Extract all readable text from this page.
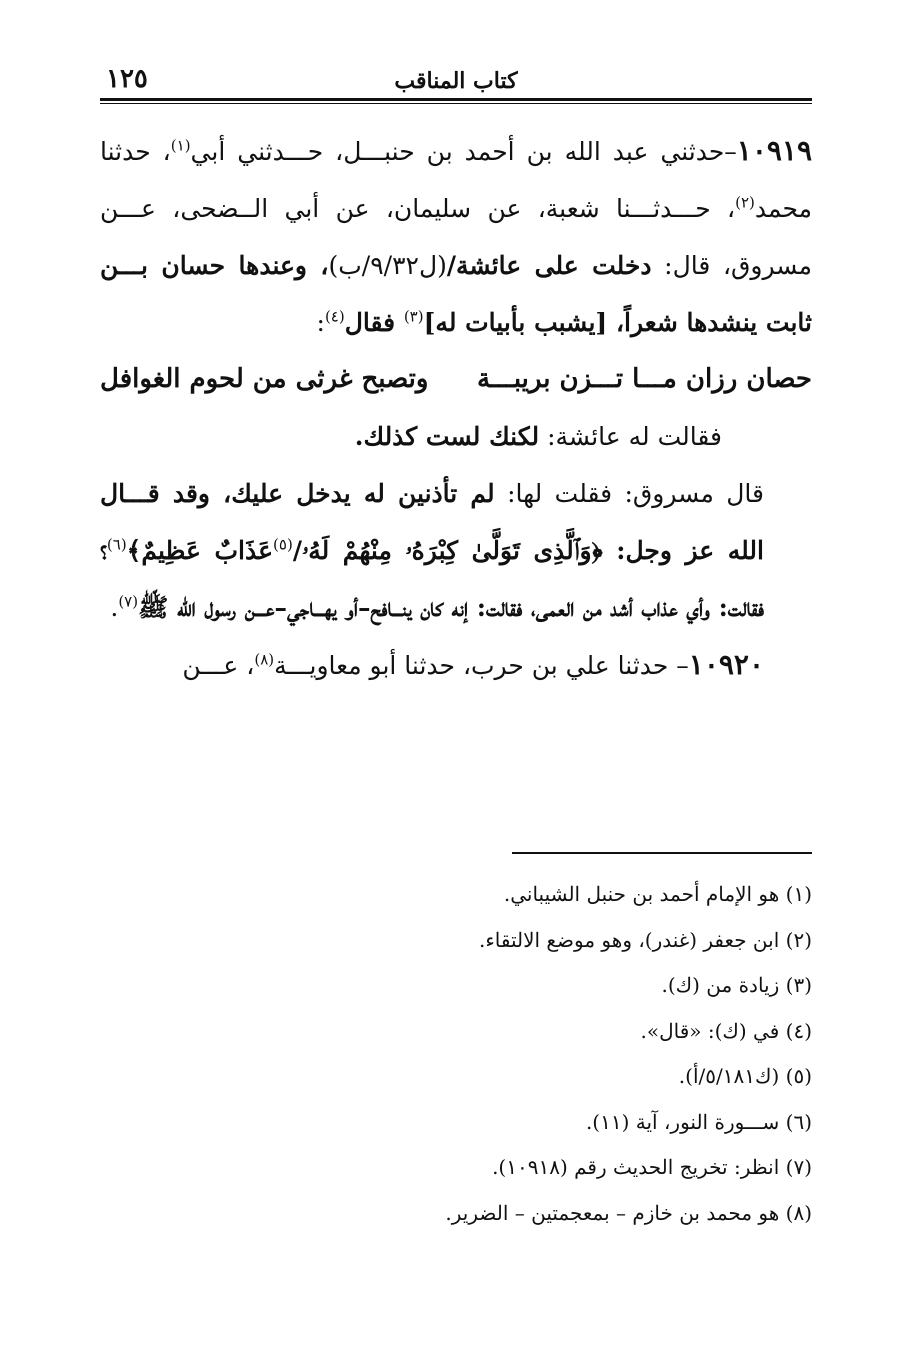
كتاب المناقب
١٢٥

١٠٩١٩–حدثني عبد الله بن أحمد بن حنبـــل، حـــدثني أبي$^{(١)}$، حدثنا محمد$^{(٢)}$، حـــدثـــنا شعبة، عن سليمان، عن أبي الــضحى، عـــن مسروق، قال: دخلت على عائشة/(ل٩/٣٢/ب)، وعندها حسان بـــن ثابت ينشدها شعراً، [يشبب بأبيات له]$^{(٣)}$ فقال$^{(٤)}$:

حصان رزان مـــا تـــزن بريبـــة
وتصبح غرثى من لحوم الغوافل

فقالت له عائشة: لكنك لست كذلك.

قال مسروق: فقلت لها: لم تأذنين له يدخل عليك، وقد قـــال الله عز وجل: ﴿وَٱلَّذِى تَوَلَّىٰ كِبْرَهُۥ مِنْهُمْ لَهُۥ/$^{(٥)}$عَذَابٌ عَظِيمٌ﴾$^{(٦)}$؟ فقالت: وأي عذاب أشد من العمى، فقالت: إنه كان ينـــافح–أو يهـــاجي–عـــن رسول الله ﷺ$^{(٧)}$.

١٠٩٢٠– حدثنا علي بن حرب، حدثنا أبو معاويـــة$^{(٨)}$، عـــن

(١) هو الإمام أحمد بن حنبل الشيباني.
(٢) ابن جعفر (غندر)، وهو موضع الالتقاء.
(٣) زيادة من (ك).
(٤) في (ك): «قال».
(٥) (ك٥/١٨١/أ).
(٦) ســـورة النور، آية (١١).
(٧) انظر: تخريج الحديث رقم (١٠٩١٨).
(٨) هو محمد بن خازم – بمعجمتين – الضرير.
